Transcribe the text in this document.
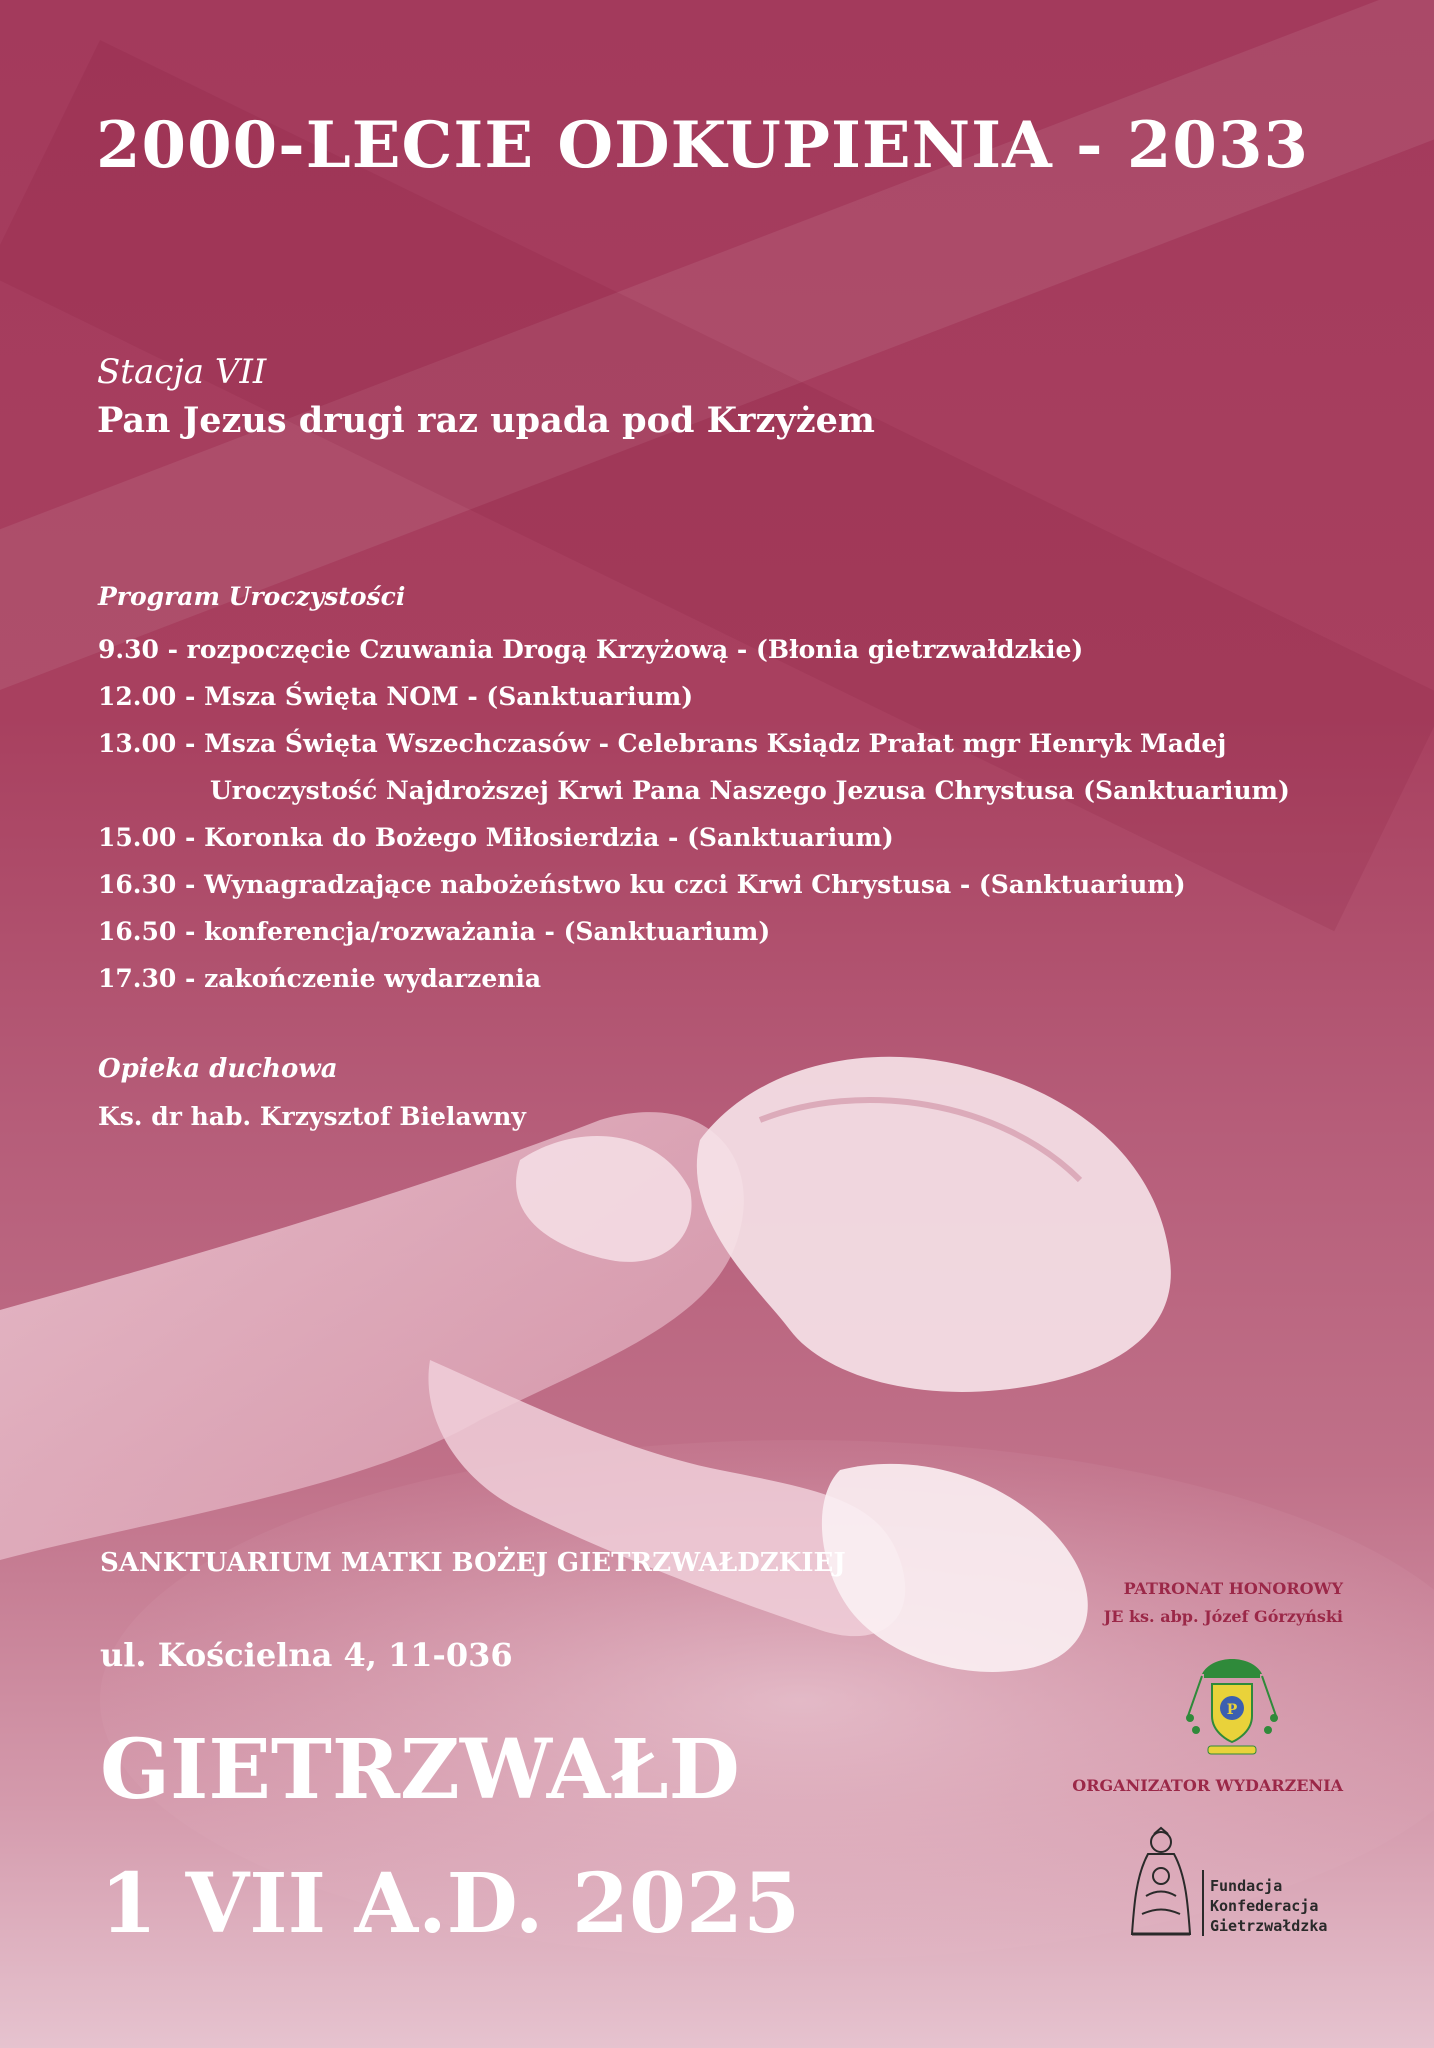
2000-LECIE ODKUPIENIA - 2033
Stacja VII
Pan Jezus drugi raz upada pod Krzyżem
Program Uroczystości
9.30 - rozpoczęcie Czuwania Drogą Krzyżową - (Błonia gietrzwałdzkie)
12.00 - Msza Święta NOM - (Sanktuarium)
13.00 - Msza Święta Wszechczasów - Celebrans Ksiądz Prałat mgr Henryk Madej
Uroczystość Najdroższej Krwi Pana Naszego Jezusa Chrystusa (Sanktuarium)
15.00 - Koronka do Bożego Miłosierdzia - (Sanktuarium)
16.30 - Wynagradzające nabożeństwo ku czci Krwi Chrystusa - (Sanktuarium)
16.50 - konferencja/rozważania - (Sanktuarium)
17.30 - zakończenie wydarzenia
Opieka duchowa
Ks. dr hab. Krzysztof Bielawny
SANKTUARIUM MATKI BOŻEJ GIETRZWAŁDZKIEJ
ul. Kościelna 4, 11-036
GIETRZWAŁD
1 VII A.D. 2025
PATRONAT HONOROWY
JE ks. abp. Józef Górzyński
P
ORGANIZATOR WYDARZENIA
Fundacja
Konfederacja
Gietrzwałdzka
